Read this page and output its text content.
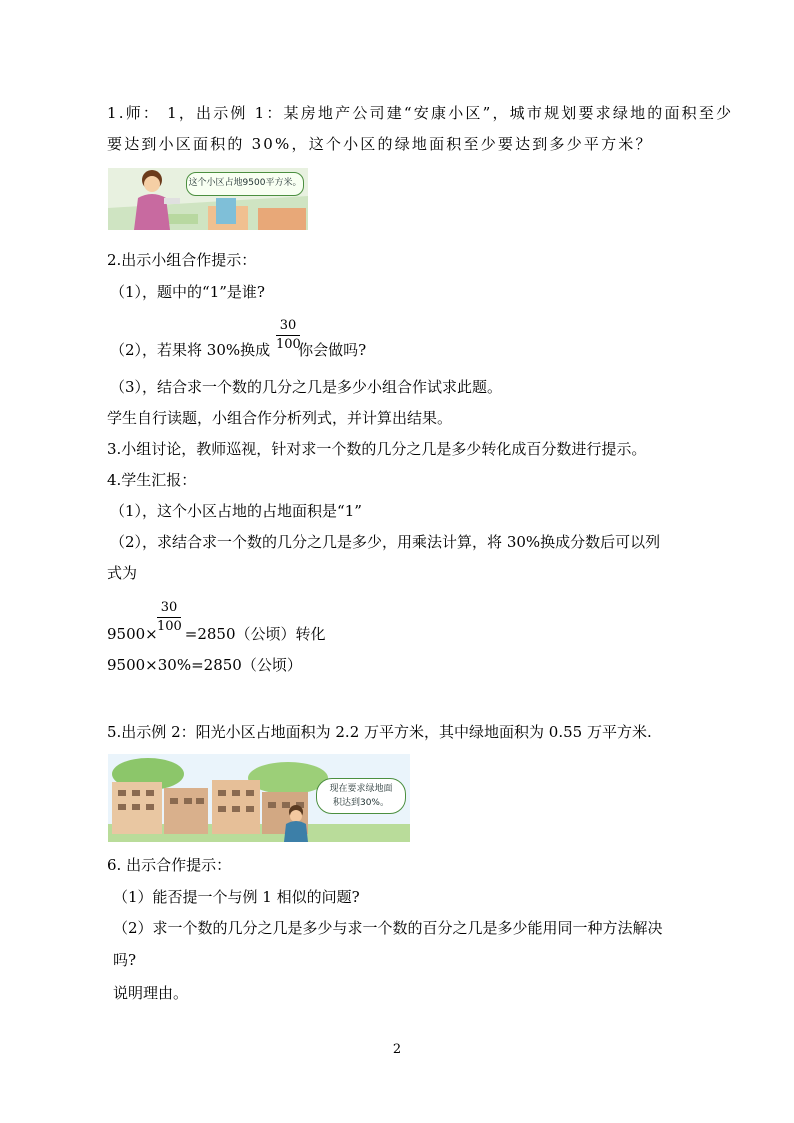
1.师： 1，出示例 1：某房地产公司建“安康小区”，城市规划要求绿地的面积至少
要达到小区面积的 30%，这个小区的绿地面积至少要达到多少平方米？
这个小区占地9500平方米。
2.出示小组合作提示：
（1），题中的“1”是谁?
（2），若果将 30%换成 你会做吗?
$\frac{30}{100}$
（3），结合求一个数的几分之几是多少小组合作试求此题。
学生自行读题，小组合作分析列式，并计算出结果。
3.小组讨论，教师巡视，针对求一个数的几分之几是多少转化成百分数进行提示。
4.学生汇报：
（1），这个小区占地的占地面积是“1”
（2），求结合求一个数的几分之几是多少，用乘法计算，将 30%换成分数后可以列
式为
9500× =2850（公顷）转化
$\frac{30}{100}$
9500×30%=2850（公顷）
5.出示例 2：阳光小区占地面积为 2.2 万平方米，其中绿地面积为 0.55 万平方米.
现在要求绿地面
积达到30%。
6. 出示合作提示：
（1）能否提一个与例 1 相似的问题?
（2）求一个数的几分之几是多少与求一个数的百分之几是多少能用同一种方法解决
吗?
说明理由。
2
